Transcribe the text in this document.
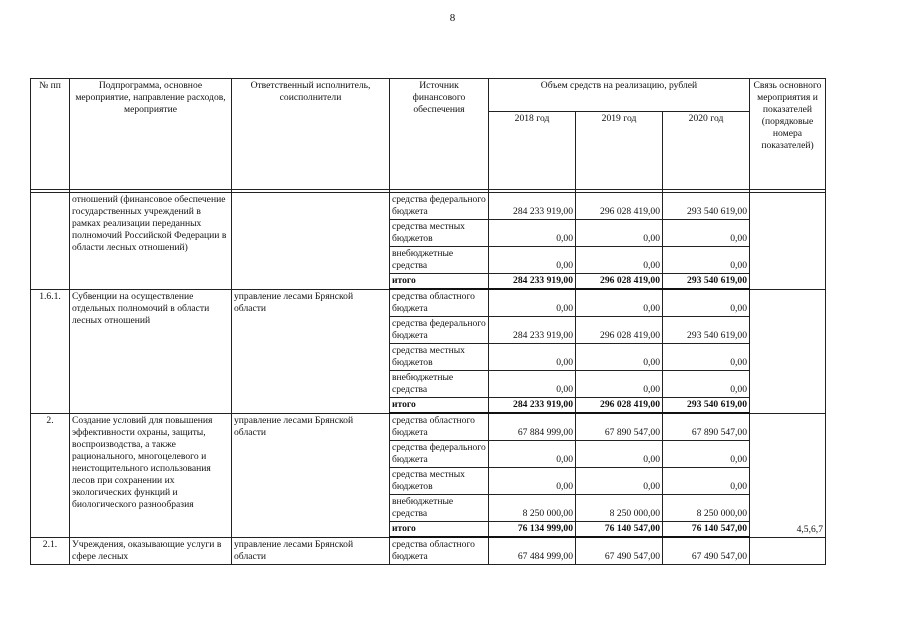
8
№ пп	Подпрограмма, основное мероприятие, направление расходов, мероприятие	Ответственный исполнитель, соисполнители	Источник финансового обеспечения	Объем средств на реализацию, рублей			Связь основного мероприятия и показателей (порядковые номера показателей)
				2018 год	2019 год	2020 год	

	отношений (финансовое обеспечение государственных учреждений в рамках реализации переданных полномочий Российской Федерации в области лесных отношений)		средства федерального бюджета	284 233 919,00	296 028 419,00	293 540 619,00	
			средства местных бюджетов	0,00	0,00	0,00	
			внебюджетные средства	0,00	0,00	0,00	
			итого	284 233 919,00	296 028 419,00	293 540 619,00	
1.6.1.	Субвенции на осуществление отдельных полномочий в области лесных отношений	управление лесами Брянской области	средства областного бюджета	0,00	0,00	0,00	
			средства федерального бюджета	284 233 919,00	296 028 419,00	293 540 619,00	
			средства местных бюджетов	0,00	0,00	0,00	
			внебюджетные средства	0,00	0,00	0,00	
			итого	284 233 919,00	296 028 419,00	293 540 619,00	
2.	Создание условий для повышения эффективности охраны, защиты, воспроизводства, а также рационального, многоцелевого и неистощительного использования лесов при сохранении их экологических функций и биологического разнообразия	управление лесами Брянской области	средства областного бюджета	67 884 999,00	67 890 547,00	67 890 547,00	4,5,6,7
			средства федерального бюджета	0,00	0,00	0,00	
			средства местных бюджетов	0,00	0,00	0,00	
			внебюджетные средства	8 250 000,00	8 250 000,00	8 250 000,00	
			итого	76 134 999,00	76 140 547,00	76 140 547,00	
2.1.	Учреждения, оказывающие услуги в сфере лесных	управление лесами Брянской области	средства областного бюджета	67 484 999,00	67 490 547,00	67 490 547,00	
